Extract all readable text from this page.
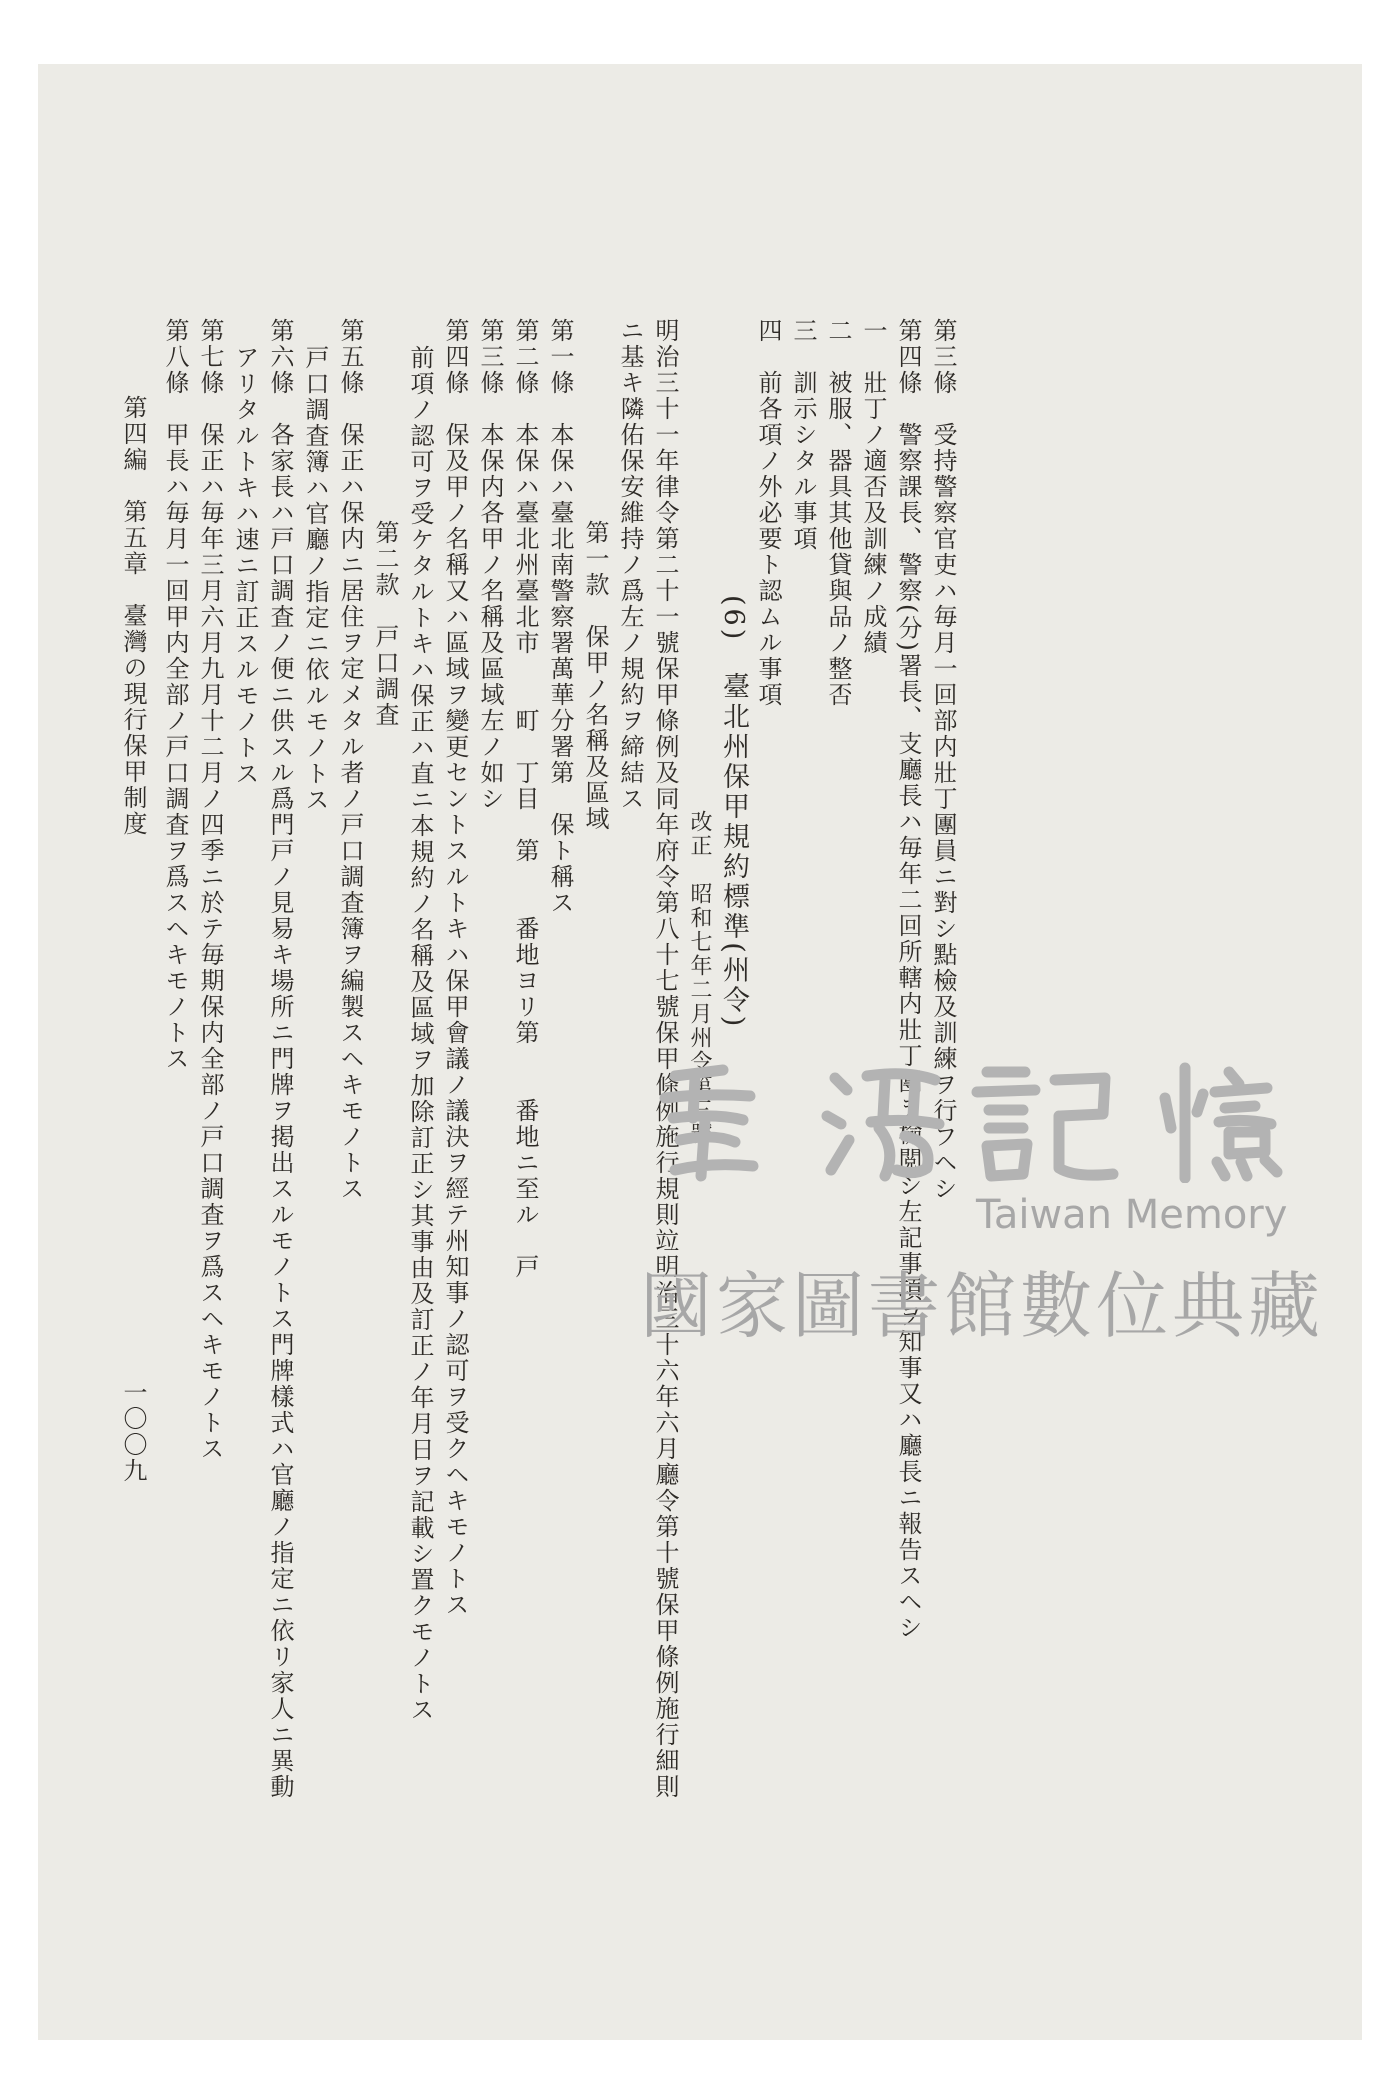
第三條　受持警察官吏ハ毎月一回部内壯丁團員ニ對シ點檢及訓練ヲ行フヘシ
第四條　警察課長、警察(分)署長、支廳長ハ毎年二回所轄内壯丁團ヲ檢閲シ左記事項ヲ知事又ハ廳長ニ報告スヘシ
一　壯丁ノ適否及訓練ノ成績
二　被服、器具其他貸與品ノ整否
三　訓示シタル事項
四　前各項ノ外必要ト認ムル事項
(6)　臺北州保甲規約標準(州令)
改正　昭和七年二月州令第三號
明治三十一年律令第二十一號保甲條例及同年府令第八十七號保甲條例施行規則竝明治三十六年六月廳令第十號保甲條例施行細則
ニ基キ隣佑保安維持ノ爲左ノ規約ヲ締結ス
第一款　保甲ノ名稱及區域
第一條　本保ハ臺北南警察署萬華分署第　保ト稱ス
第二條　本保ハ臺北州臺北市　　町　丁目　第　　番地ヨリ第　　番地ニ至ル　戸
第三條　本保内各甲ノ名稱及區域左ノ如シ
第四條　保及甲ノ名稱又ハ區域ヲ變更セントスルトキハ保甲會議ノ議決ヲ經テ州知事ノ認可ヲ受クヘキモノトス
前項ノ認可ヲ受ケタルトキハ保正ハ直ニ本規約ノ名稱及區域ヲ加除訂正シ其事由及訂正ノ年月日ヲ記載シ置クモノトス
第二款　戸口調査
第五條　保正ハ保内ニ居住ヲ定メタル者ノ戸口調査簿ヲ編製スヘキモノトス
戸口調査簿ハ官廳ノ指定ニ依ルモノトス
第六條　各家長ハ戸口調査ノ便ニ供スル爲門戸ノ見易キ場所ニ門牌ヲ掲出スルモノトス門牌樣式ハ官廳ノ指定ニ依リ家人ニ異動
アリタルトキハ速ニ訂正スルモノトス
第七條　保正ハ毎年三月六月九月十二月ノ四季ニ於テ毎期保内全部ノ戸口調査ヲ爲スヘキモノトス
第八條　甲長ハ毎月一回甲内全部ノ戸口調査ヲ爲スヘキモノトス
第四編　第五章　臺灣の現行保甲制度
一〇〇九
Taiwan Memory
國家圖書館數位典藏
